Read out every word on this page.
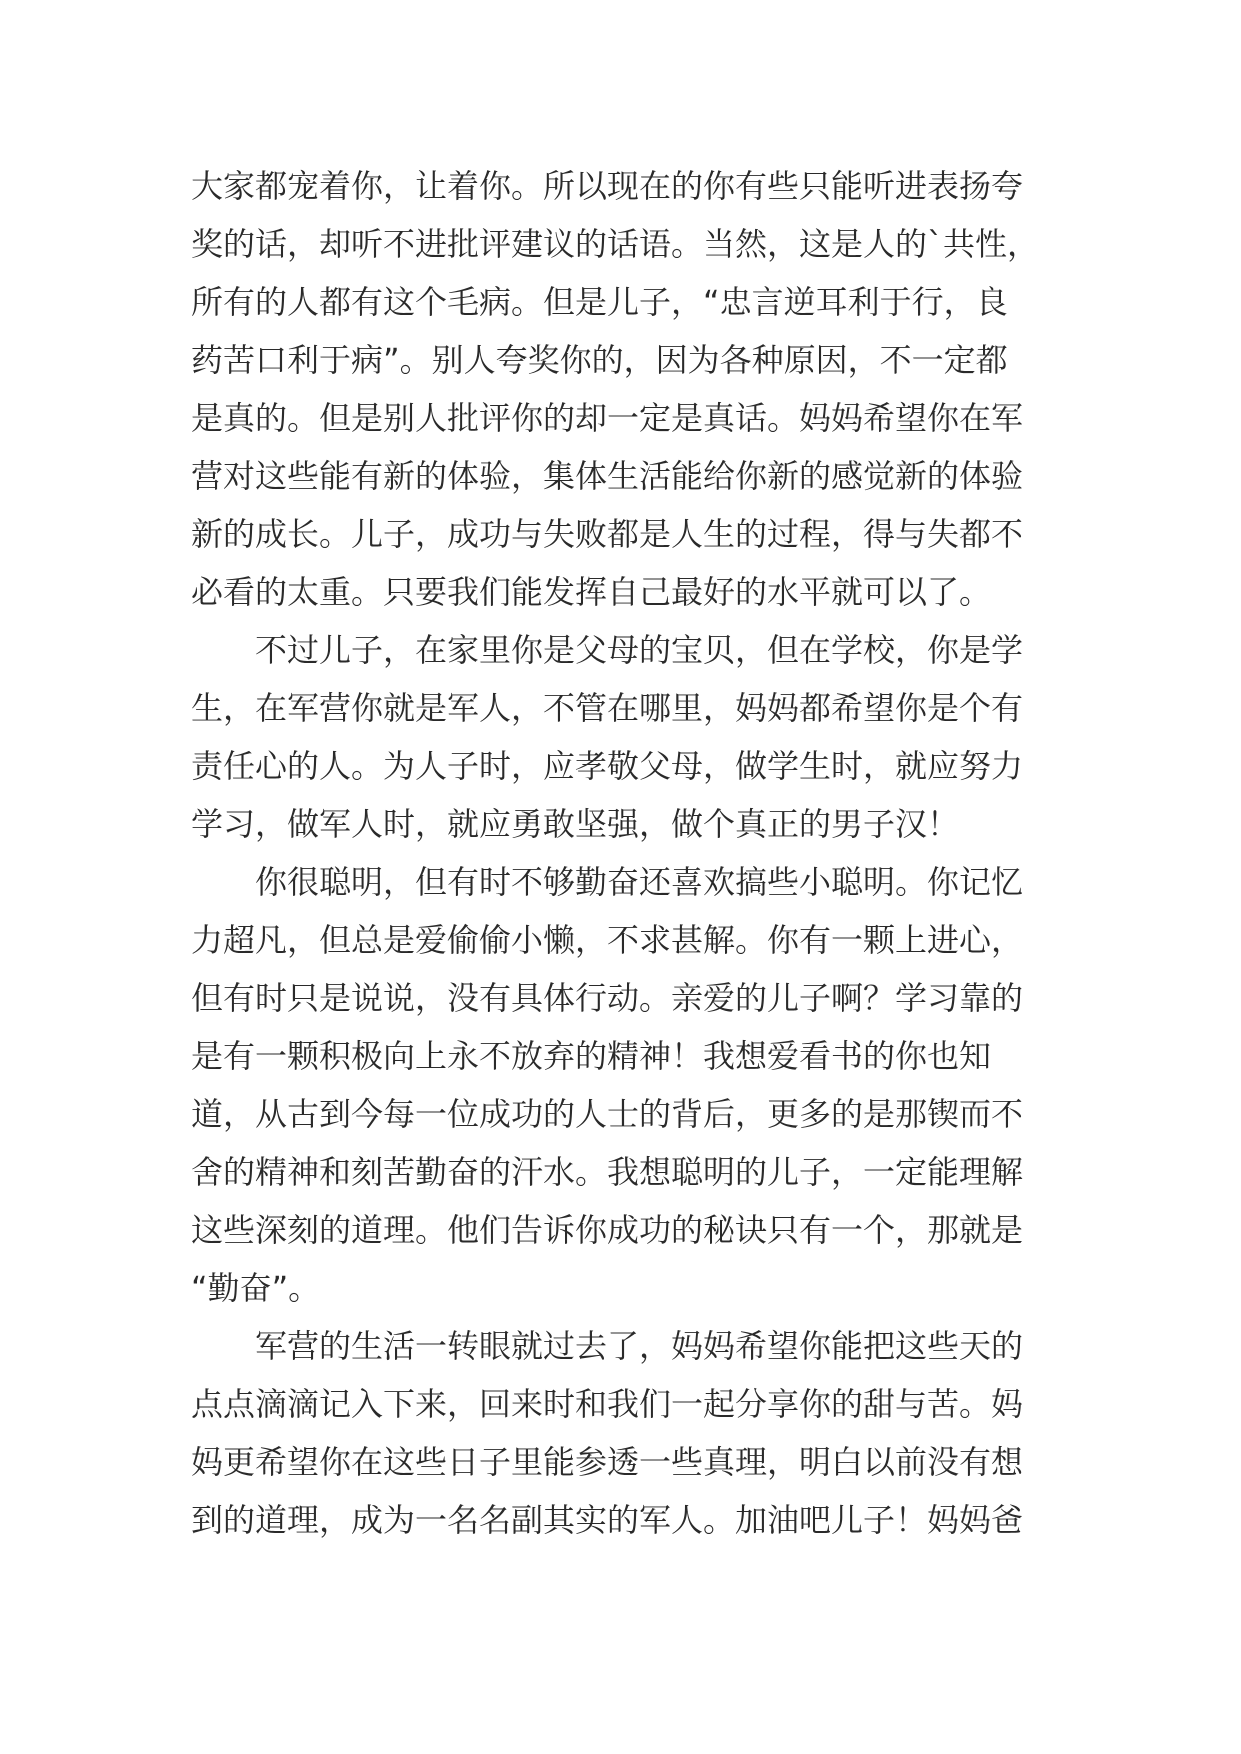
大家都宠着你，让着你。所以现在的你有些只能听进表扬夸
奖的话，却听不进批评建议的话语。当然，这是人的`共性，
所有的人都有这个毛病。但是儿子，“忠言逆耳利于行，良
药苦口利于病”。别人夸奖你的，因为各种原因，不一定都
是真的。但是别人批评你的却一定是真话。妈妈希望你在军
营对这些能有新的体验，集体生活能给你新的感觉新的体验
新的成长。儿子，成功与失败都是人生的过程，得与失都不
必看的太重。只要我们能发挥自己最好的水平就可以了。
不过儿子，在家里你是父母的宝贝，但在学校，你是学
生，在军营你就是军人，不管在哪里，妈妈都希望你是个有
责任心的人。为人子时，应孝敬父母，做学生时，就应努力
学习，做军人时，就应勇敢坚强，做个真正的男子汉！
你很聪明，但有时不够勤奋还喜欢搞些小聪明。你记忆
力超凡，但总是爱偷偷小懒，不求甚解。你有一颗上进心，
但有时只是说说，没有具体行动。亲爱的儿子啊？学习靠的
是有一颗积极向上永不放弃的精神！我想爱看书的你也知
道，从古到今每一位成功的人士的背后，更多的是那锲而不
舍的精神和刻苦勤奋的汗水。我想聪明的儿子，一定能理解
这些深刻的道理。他们告诉你成功的秘诀只有一个，那就是
“勤奋”。
军营的生活一转眼就过去了，妈妈希望你能把这些天的
点点滴滴记入下来，回来时和我们一起分享你的甜与苦。妈
妈更希望你在这些日子里能参透一些真理，明白以前没有想
到的道理，成为一名名副其实的军人。加油吧儿子！妈妈爸
